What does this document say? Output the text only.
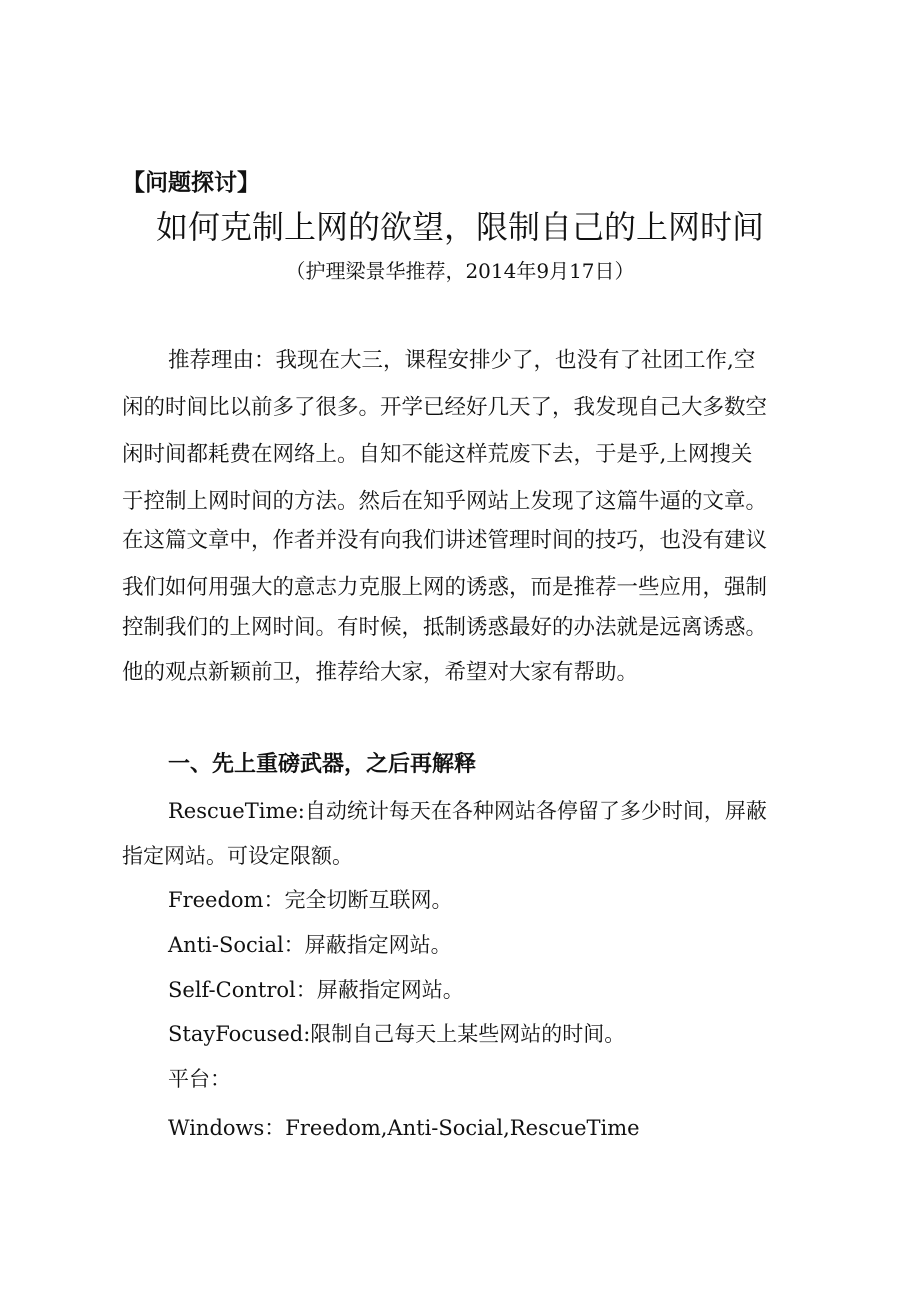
【问题探讨】
如何克制上网的欲望，限制自己的上网时间
（护理梁景华推荐，2014年9月17日）
推荐理由：我现在大三，课程安排少了，也没有了社团工作,空
闲的时间比以前多了很多。开学已经好几天了，我发现自己大多数空
闲时间都耗费在网络上。自知不能这样荒废下去，于是乎,上网搜关
于控制上网时间的方法。然后在知乎网站上发现了这篇牛逼的文章。
在这篇文章中，作者并没有向我们讲述管理时间的技巧，也没有建议
我们如何用强大的意志力克服上网的诱惑，而是推荐一些应用，强制
控制我们的上网时间。有时候，抵制诱惑最好的办法就是远离诱惑。
他的观点新颖前卫，推荐给大家，希望对大家有帮助。
一、先上重磅武器，之后再解释
RescueTime:自动统计每天在各种网站各停留了多少时间，屏蔽
指定网站。可设定限额。
Freedom：完全切断互联网。
Anti-Social：屏蔽指定网站。
Self-Control：屏蔽指定网站。
StayFocused:限制自己每天上某些网站的时间。
平台：
Windows：Freedom,Anti-Social,RescueTime
